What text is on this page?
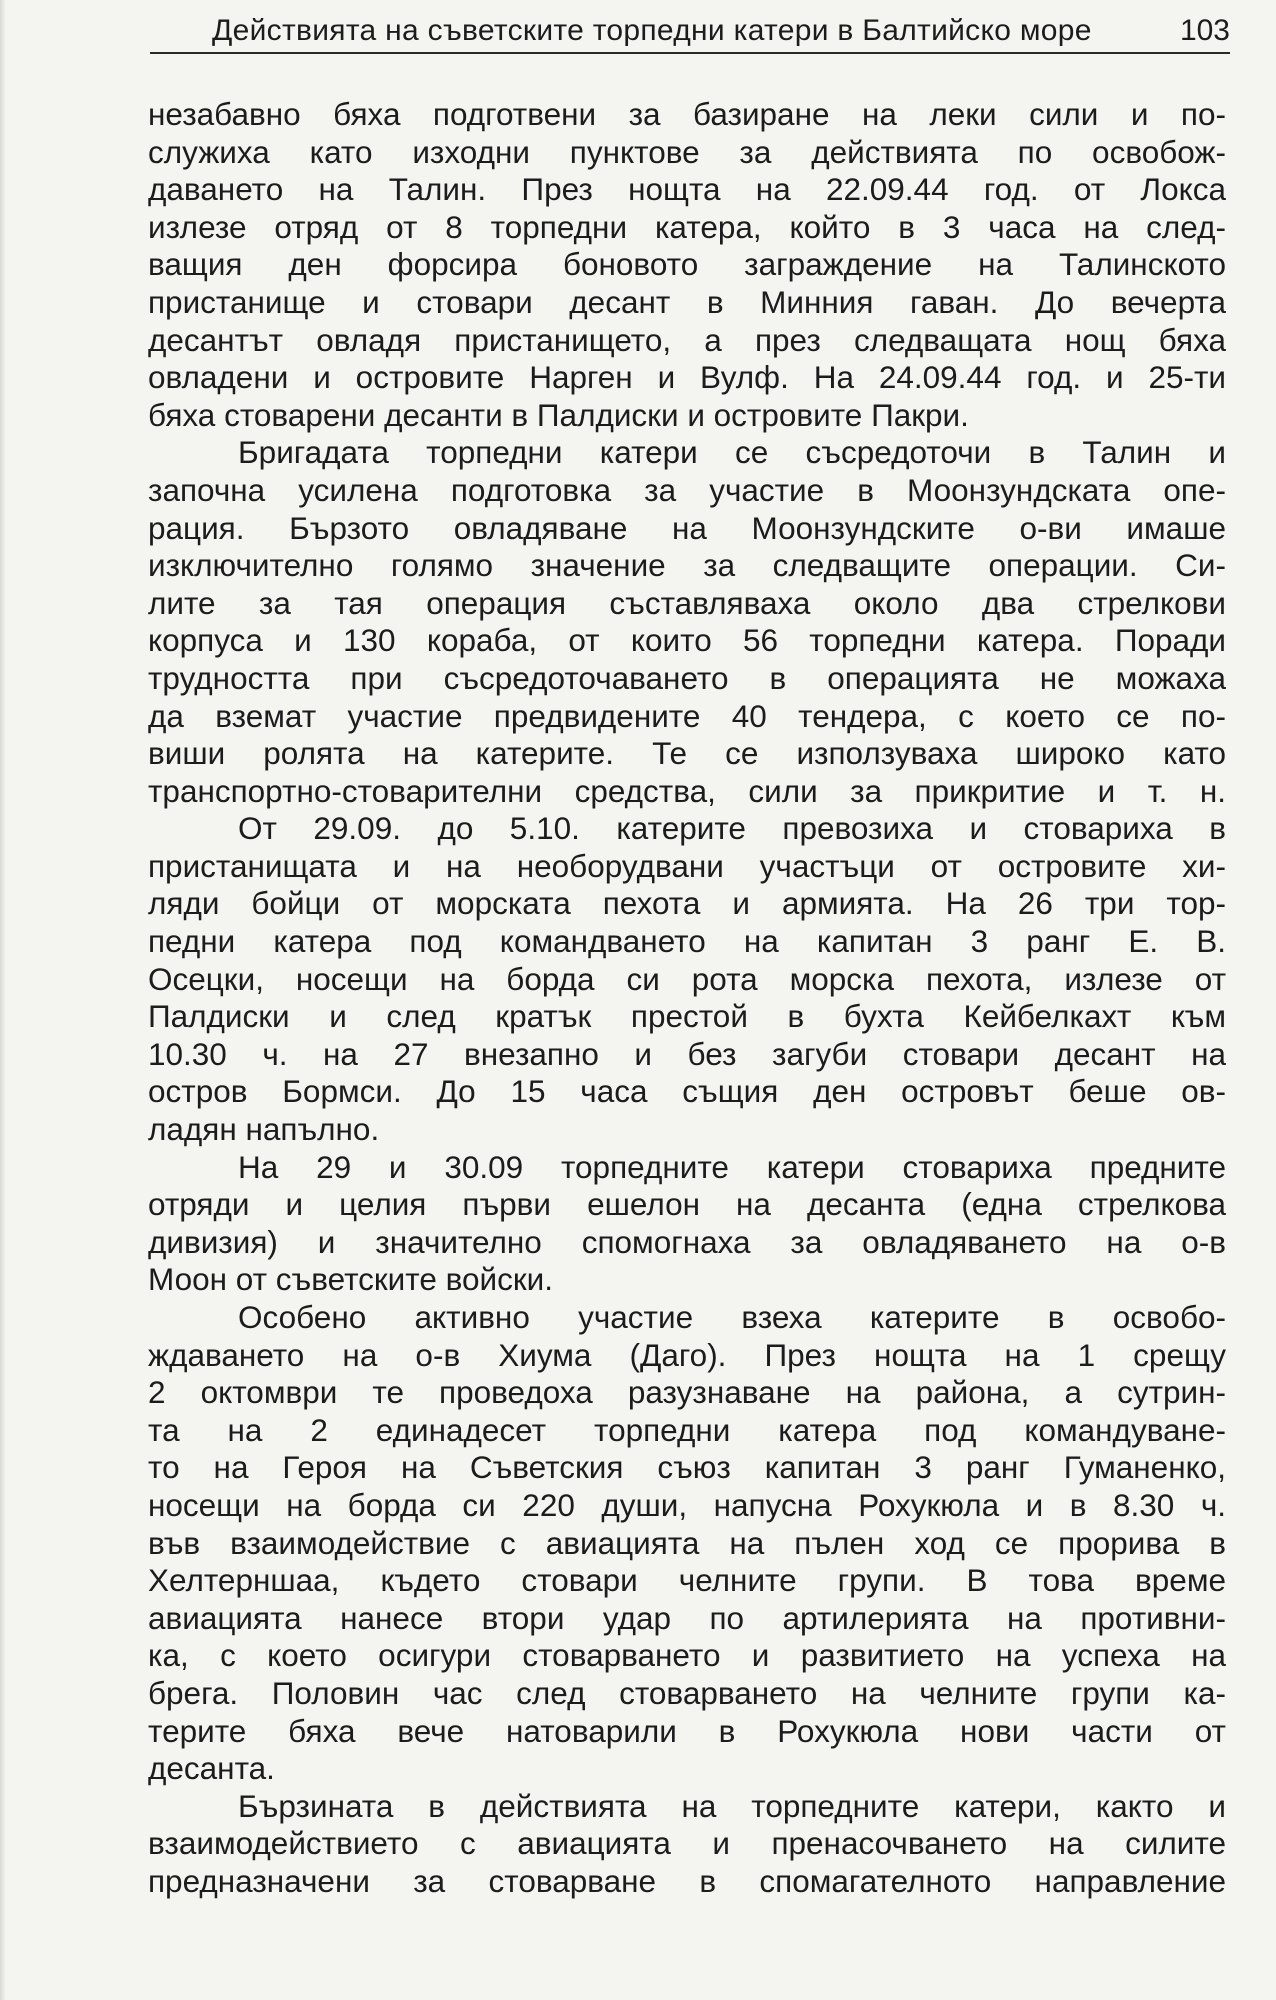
Действията на съветските торпедни катери в Балтийско море	103
незабавно бяха подготвени за базиране на леки сили и по-
служиха като изходни пунктове за действията по освобож-
даването на Талин. През нощта на 22.09.44 год. от Локса
излезе отряд от 8 торпедни катера, който в 3 часа на след-
ващия ден форсира боновото заграждение на Талинското
пристанище и стовари десант в Минния гаван. До вечерта
десантът овладя пристанището, а през следващата нощ бяха
овладени и островите Нарген и Вулф. На 24.09.44 год. и 25-ти
бяха стоварени десанти в Палдиски и островите Пакри.
Бригадата торпедни катери се съсредоточи в Талин и
започна усилена подготовка за участие в Моонзундската опе-
рация. Бързото овладяване на Моонзундските о-ви имаше
изключително голямо значение за следващите операции. Си-
лите за тая операция съставляваха около два стрелкови
корпуса и 130 кораба, от които 56 торпедни катера. Поради
трудността при съсредоточаването в операцията не можаха
да вземат участие предвидените 40 тендера, с което се по-
виши ролята на катерите. Те се използуваха широко като
транспортно-стоварителни средства, сили за прикритие и т. н.
От 29.09. до 5.10. катерите превозиха и стовариха в
пристанищата и на необорудвани участъци от островите хи-
ляди бойци от морската пехота и армията. На 26 три тор-
педни катера под командването на капитан 3 ранг Е. В.
Осецки, носещи на борда си рота морска пехота, излезе от
Палдиски и след кратък престой в бухта Кейбелкахт към
10.30 ч. на 27 внезапно и без загуби стовари десант на
остров Бормси. До 15 часа същия ден островът беше ов-
ладян напълно.
На 29 и 30.09 торпедните катери стовариха предните
отряди и целия първи ешелон на десанта (една стрелкова
дивизия) и значително спомогнаха за овладяването на о-в
Моон от съветските войски.
Особено активно участие взеха катерите в освобо-
ждаването на о-в Хиума (Даго). През нощта на 1 срещу
2 октомври те проведоха разузнаване на района, а сутрин-
та на 2 единадесет торпедни катера под командуване-
то на Героя на Съветския съюз капитан 3 ранг Гуманенко,
носещи на борда си 220 души, напусна Рохукюла и в 8.30 ч.
във взаимодействие с авиацията на пълен ход се прорива в
Хелтерншаа, където стовари челните групи. В това време
авиацията нанесе втори удар по артилерията на противни-
ка, с което осигури стоварването и развитието на успеха на
брега. Половин час след стоварването на челните групи ка-
терите бяха вече натоварили в Рохукюла нови части от
десанта.
Бързината в действията на торпедните катери, както и
взаимодействието с авиацията и пренасочването на силите
предназначени за стоварване в спомагателното направление
